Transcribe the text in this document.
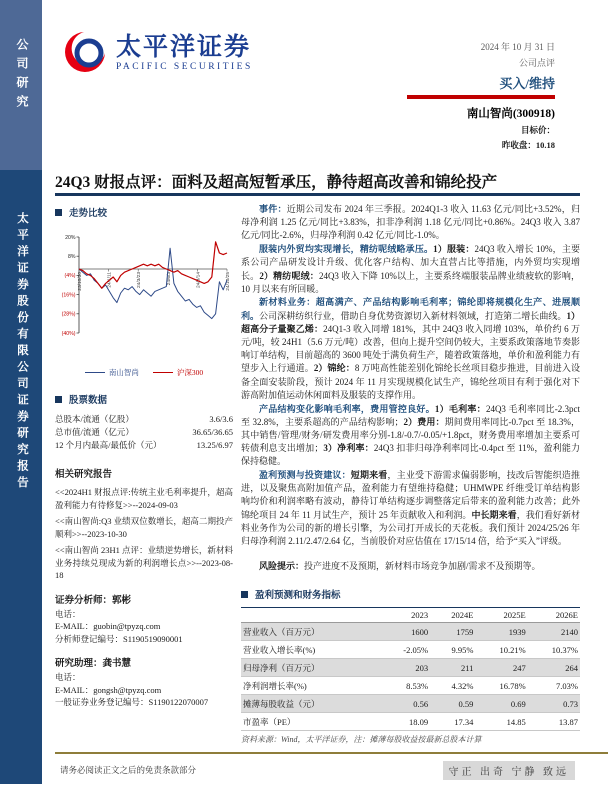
公司研究
太平洋证券股份有限公司证券研究报告
太平洋证券
PACIFIC SECURITIES
2024 年 10 月 31 日
公司点评
买入/维持
南山智尚(300918)
目标价：
昨收盘：10.18
24Q3 财报点评：面料及超高短暂承压，静待超高改善和锦纶投产
走势比较
20%
8%
(4%)
(16%)
(28%)
(40%)
23/10/30	24/1/11	24/3/23	24/6/3	24/8/14	24/10/25
南山智尚	沪深300
股票数据
总股本/流通（亿股）	3.6/3.6
总市值/流通（亿元）	36.65/36.65
12 个月内最高/最低价（元）	13.25/6.97
相关研究报告
<<2024H1 财报点评:传统主业毛利率提升，超高盈利能力有待修复>>--2024-09-03
<<南山智尚:Q3 业绩双位数增长，超高二期投产顺利>>--2023-10-30
<<南山智尚 23H1 点评：业绩逆势增长，新材料业务持续兑现成为新的利润增长点>>--2023-08-18
证券分析师：郭彬
电话：
E-MAIL：guobin@tpyzq.com
分析师登记编号：S1190519090001
研究助理：龚书慧
电话：
E-MAIL：gongsh@tpyzq.com
一般证券业务登记编号：S1190122070007

事件：近期公司发布 2024 年三季报。2024Q1-3 收入 11.63 亿元/同比+3.52%，归母净利润 1.25 亿元/同比+3.83%，扣非净利润 1.18 亿元/同比+0.86%。24Q3 收入 3.87 亿元/同比-2.6%，归母净利润 0.42 亿元/同比-1.0%。

服装内外贸均实现增长，精纺呢绒略承压。1）服装：24Q3 收入增长 10%，主要系公司产品研发设计升级、优化客户结构、加大直营占比等措施，内外贸均实现增长。2）精纺呢绒：24Q3 收入下降 10%以上，主要系终端服装品牌业绩疲软的影响，10 月以来有所回暖。

新材料业务：超高满产、产品结构影响毛利率；锦纶即将规模化生产、进展顺利。公司深耕纺织行业，借助自身优势资源切入新材料领域，打造第二增长曲线。1）超高分子量聚乙烯：24Q1-3 收入同增 181%，其中 24Q3 收入同增 103%，单价约 6 万元/吨，较 24H1（5.6 万元/吨）改善，但向上提升空间仍较大，主要系政策落地节奏影响订单结构，目前超高的 3600 吨处于满负荷生产，随着政策落地，单价和盈利能力有望步入上行通道。2）锦纶：8 万吨高性能差别化锦纶长丝项目稳步推进，目前进入设备全面安装阶段，预计 2024 年 11 月实现规模化试生产，锦纶丝项目有利于强化对下游高附加值运动休闲面料及服装的支撑作用。

产品结构变化影响毛利率，费用管控良好。1）毛利率：24Q3 毛利率同比-2.3pct 至 32.8%，主要系超高的产品结构影响；2）费用：期间费用率同比-0.7pct 至 18.3%，其中销售/管理/财务/研发费用率分别-1.8/-0.7/-0.05/+1.8pct，财务费用率增加主要系可转债利息支出增加；3）净利率：24Q3 扣非归母净利率同比-0.4pct 至 11%，盈利能力保持稳健。

盈利预测与投资建议：短期来看，主业受下游需求偏弱影响，技改后智能织造推进，以及聚焦高附加值产品，盈利能力有望维持稳健；UHMWPE 纤维受订单结构影响均价和利润率略有波动，静待订单结构逐步调整落定后带来的盈利能力改善；此外锦纶项目 24 年 11 月试生产，预计 25 年贡献收入和利润。中长期来看，我们看好新材料业务作为公司的新的增长引擎，为公司打开成长的天花板。我们预计 2024/25/26 年归母净利润 2.11/2.47/2.64 亿，当前股价对应估值在 17/15/14 倍，给予“买入”评级。

风险提示：投产进度不及预期，新材料市场竞争加剧/需求不及预期等。

盈利预测和财务指标
	2023	2024E	2025E	2026E
营业收入（百万元）	1600	1759	1939	2140
营业收入增长率(%)	-2.05%	9.95%	10.21%	10.37%
归母净利（百万元）	203	211	247	264
净利润增长率(%)	8.53%	4.32%	16.78%	7.03%
摊薄每股收益（元）	0.56	0.59	0.69	0.73
市盈率（PE）	18.09	17.34	14.85	13.87
资料来源：Wind，太平洋证券，注：摊薄每股收益按最新总股本计算
请务必阅读正文之后的免责条款部分	守正 出奇 宁静 致远
